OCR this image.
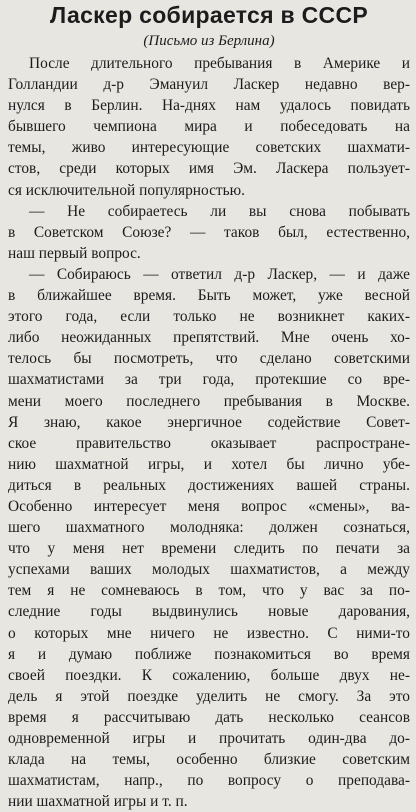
Ласкер собирается в СССР
(Письмо из Берлина)
После длительного пребывания в Америке и
Голландии д-р Эмануил Ласкер недавно вер-
нулся в Берлин. На-днях нам удалось повидать
бывшего чемпиона мира и побеседовать на
темы, живо интересующие советских шахмати-
стов, среди которых имя Эм. Ласкера пользует-
ся исключительной популярностью.
— Не собираетесь ли вы снова побывать
в Советском Союзе? — таков был, естественно,
наш первый вопрос.
— Собираюсь — ответил д-р Ласкер, — и даже
в ближайшее время. Быть может, уже весной
этого года, если только не возникнет каких-
либо неожиданных препятствий. Мне очень хо-
телось бы посмотреть, что сделано советскими
шахматистами за три года, протекшие со вре-
мени моего последнего пребывания в Москве.
Я знаю, какое энергичное содействие Совет-
ское правительство оказывает распростране-
нию шахматной игры, и хотел бы лично убе-
диться в реальных достижениях вашей страны.
Особенно интересует меня вопрос «смены», ва-
шего шахматного молодняка: должен сознаться,
что у меня нет времени следить по печати за
успехами ваших молодых шахматистов, а между
тем я не сомневаюсь в том, что у вас за по-
следние годы выдвинулись новые дарования,
о которых мне ничего не известно. С ними-то
я и думаю поближе познакомиться во время
своей поездки. К сожалению, больше двух не-
дель я этой поездке уделить не смогу. За это
время я рассчитываю дать несколько сеансов
одновременной игры и прочитать один-два до-
клада на темы, особенно близкие советским
шахматистам, напр., по вопросу о преподава-
нии шахматной игры и т. п.
